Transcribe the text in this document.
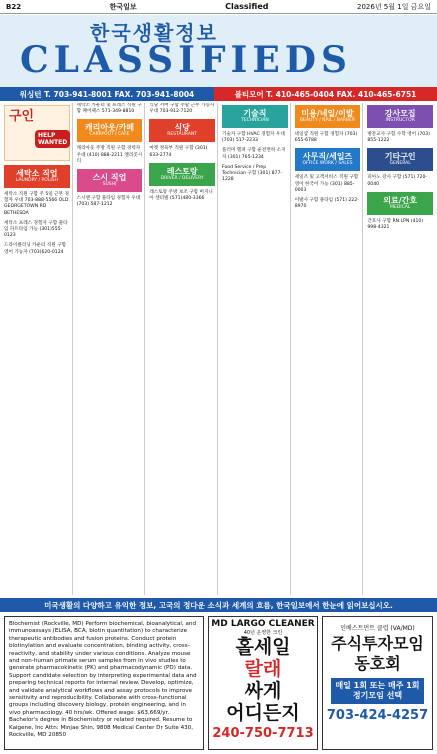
B22	한국일보	Classified	2026년 5월 1일 금요일
한국생활정보
CLASSIFIEDS
워싱턴 T. 703-941-8001 FAX. 703-941-8004	볼티모어 T. 410-465-0404 FAX. 410-465-6751
구인
HELP WANTED
세탁소 직업
LAUNDRY / POLISH

세탁소 직원 구함 주 5일 근무 경험자 우대 703-888-5566 OLD GEORGETOWN RD BETHESDA

세탁소 프레스 경험자 구함 풀타임 파트타임 가능 (301)555-0123

드라이클리닝 카운터 직원 구함 영어 가능자 (703)620-0124

세탁소 카운터 및 프레스 직원 구함 페어팩스 571-349-8810

캐리아웃/카페
CARRYOUT / CAFE

캐리아웃 주방 직원 구함 경력자 우대 (410) 888-2211 엘리콧시티

스시 직업
SUSHI

스시맨 구함 풀타임 경험자 우대 (703) 587-1212

식당 서버 구함 주말 근무 가능자 우대 703-912-7120

식당
RESTAURANT

마켓 정육부 직원 구함 (301) 633-2774

레스토랑
DRIVER / DELIVERY

레스토랑 주방 보조 구함 버지니아 센터빌 (571)480-3366

기술직
TECHNICIAN

기술자 구함 HVAC 경험자 우대 (703) 517-2233

플러머 헬퍼 구함 운전면허 소지자 (301) 765-1234

Food Service / Prep Technician 구함 (301) 877-1228

미용/네일/이발
BEAUTY / NAIL / BARBER

네일샵 직원 구함 경험자 (703) 655-6788

사무직/세일즈
OFFICE WORK / SALES

세일즈 및 고객서비스 직원 구함 영어 한국어 가능 (301) 885-0003

이발사 구함 풀타임 (571) 222-8970

강사모집
INSTRUCTOR

방문교사 구함 수학 영어 (703) 855-1222

기타구인
GENERAL

피아노 강사 구함 (571) 720-0040

의료/간호
MEDICAL

간호사 구함 RN LPN (410) 998-4321

미국생활의 다양하고 유익한 정보, 고국의 정다운 소식과 세계의 흐름, 한국일보에서 한눈에 읽어보십시오.
Biochemist (Rockville, MD) Perform biochemical, bioanalytical, and immunoassays (ELISA, BCA, biotin quantitation) to characterize therapeutic antibodies and fusion proteins. Conduct protein biotinylation and evaluate concentration, binding activity, cross-reactivity, and stability under various conditions. Analyze mouse and non-human primate serum samples from in vivo studies to generate pharmacokinetic (PK) and pharmacodynamic (PD) data. Support candidate selection by interpreting experimental data and preparing technical reports for internal review. Develop, optimize, and validate analytical workflows and assay protocols to improve sensitivity and reproducibility. Collaborate with cross-functional groups including discovery biology, protein engineering, and in vivo pharmacology. 40 hrs/wk. Offered wage: $63,669/yr. Bachelor's degree in Biochemistry or related required. Resume to Kaigene, Inc Attn: Minjae Shin, 9808 Medical Center Dr Suite 430, Rockville, MD 20850
MD LARGO CLEANER
40년 운영한 크린
홀세일
랄래
싸게
어디든지
240-750-7713
인베스트먼트 클럽 (VA/MD)
주식투자모임 동호회
매일 1회 또는 매주 1회 정기모임 선택
703-424-4257
